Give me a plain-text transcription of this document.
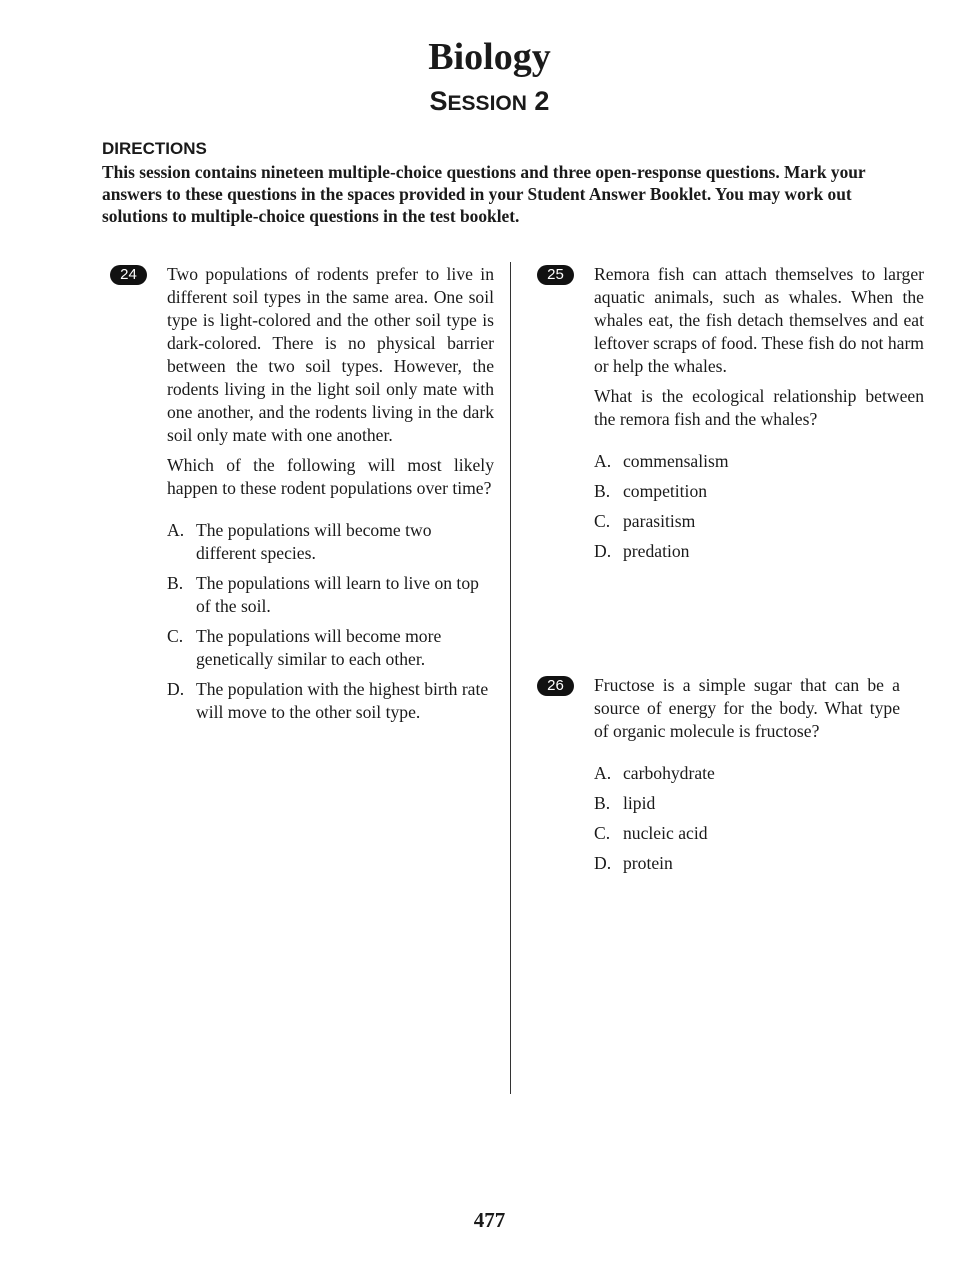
Biology
SESSION 2
DIRECTIONS
This session contains nineteen multiple-choice questions and three open-response questions. Mark your answers to these questions in the spaces provided in your Student Answer Booklet. You may work out solutions to multiple-choice questions in the test booklet.
24	Two populations of rodents prefer to live in different soil types in the same area. One soil type is light-colored and the other soil type is dark-colored. There is no physical barrier between the two soil types. However, the rodents living in the light soil only mate with one another, and the rodents living in the dark soil only mate with one another.

Which of the following will most likely happen to these rodent populations over time?

A. The populations will become two different species.
B. The populations will learn to live on top of the soil.
C. The populations will become more genetically similar to each other.
D. The population with the highest birth rate will move to the other soil type.
25	Remora fish can attach themselves to larger aquatic animals, such as whales. When the whales eat, the fish detach themselves and eat leftover scraps of food. These fish do not harm or help the whales.

What is the ecological relationship between the remora fish and the whales?

A. commensalism
B. competition
C. parasitism
D. predation
26	Fructose is a simple sugar that can be a source of energy for the body. What type of organic molecule is fructose?

A. carbohydrate
B. lipid
C. nucleic acid
D. protein
477
